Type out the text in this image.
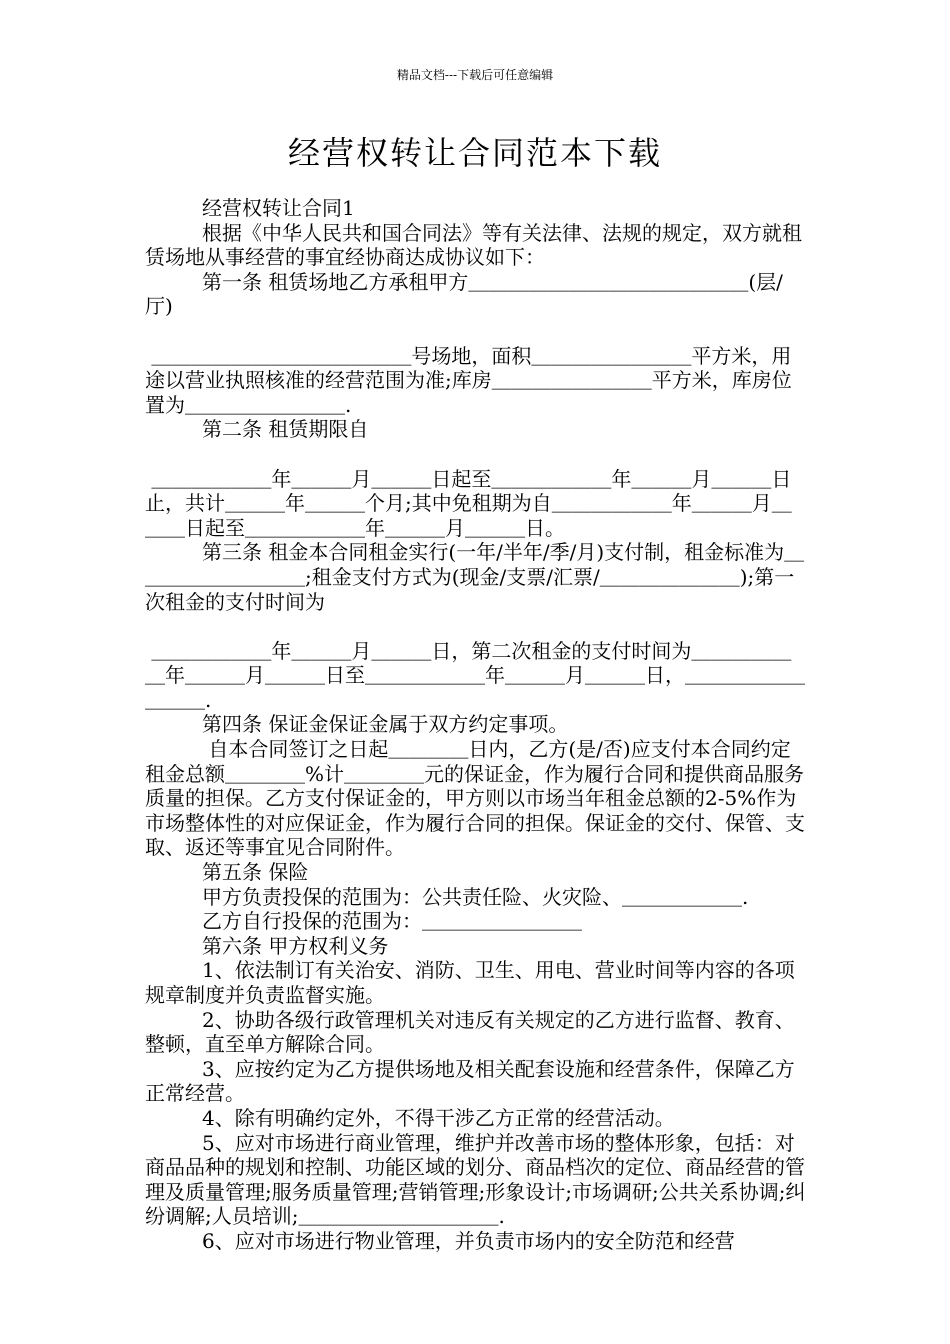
精品文档---下载后可任意编辑
经营权转让合同范本下载

经营权转让合同1

根据《中华人民共和国合同法》等有关法律、法规的规定，双方就租赁场地从事经营的事宜经协商达成协议如下：

第一条 租赁场地乙方承租甲方＿＿＿＿＿＿＿＿＿＿＿＿＿＿(层/厅)

＿＿＿＿＿＿＿＿＿＿＿＿＿号场地，面积＿＿＿＿＿＿＿＿平方米，用途以营业执照核准的经营范围为准;库房＿＿＿＿＿＿＿＿平方米，库房位置为＿＿＿＿＿＿＿＿.

第二条 租赁期限自

＿＿＿＿＿＿年＿＿＿月＿＿＿日起至＿＿＿＿＿＿年＿＿＿月＿＿＿日止，共计＿＿＿年＿＿＿个月;其中免租期为自＿＿＿＿＿＿年＿＿＿月＿＿＿日起至＿＿＿＿＿＿年＿＿＿月＿＿＿日。

第三条 租金本合同租金实行(一年/半年/季/月)支付制，租金标准为＿＿＿＿＿＿＿＿＿;租金支付方式为(现金/支票/汇票/＿＿＿＿＿＿＿);第一次租金的支付时间为

＿＿＿＿＿＿年＿＿＿月＿＿＿日，第二次租金的支付时间为＿＿＿＿＿＿年＿＿＿月＿＿＿日至＿＿＿＿＿＿年＿＿＿月＿＿＿日，＿＿＿＿＿＿＿＿＿.

第四条 保证金保证金属于双方约定事项。

自本合同签订之日起＿＿＿＿日内，乙方(是/否)应支付本合同约定租金总额＿＿＿＿%计＿＿＿＿元的保证金，作为履行合同和提供商品服务质量的担保。乙方支付保证金的，甲方则以市场当年租金总额的2-5%作为市场整体性的对应保证金，作为履行合同的担保。保证金的交付、保管、支取、返还等事宜见合同附件。

第五条 保险

甲方负责投保的范围为：公共责任险、火灾险、＿＿＿＿＿＿.

乙方自行投保的范围为：＿＿＿＿＿＿＿＿

第六条 甲方权利义务

1、依法制订有关治安、消防、卫生、用电、营业时间等内容的各项规章制度并负责监督实施。

2、协助各级行政管理机关对违反有关规定的乙方进行监督、教育、整顿，直至单方解除合同。

3、应按约定为乙方提供场地及相关配套设施和经营条件，保障乙方正常经营。

4、除有明确约定外，不得干涉乙方正常的经营活动。

5、应对市场进行商业管理，维护并改善市场的整体形象，包括：对商品品种的规划和控制、功能区域的划分、商品档次的定位、商品经营的管理及质量管理;服务质量管理;营销管理;形象设计;市场调研;公共关系协调;纠纷调解;人员培训;＿＿＿＿＿＿＿＿＿＿.

6、应对市场进行物业管理，并负责市场内的安全防范和经营
